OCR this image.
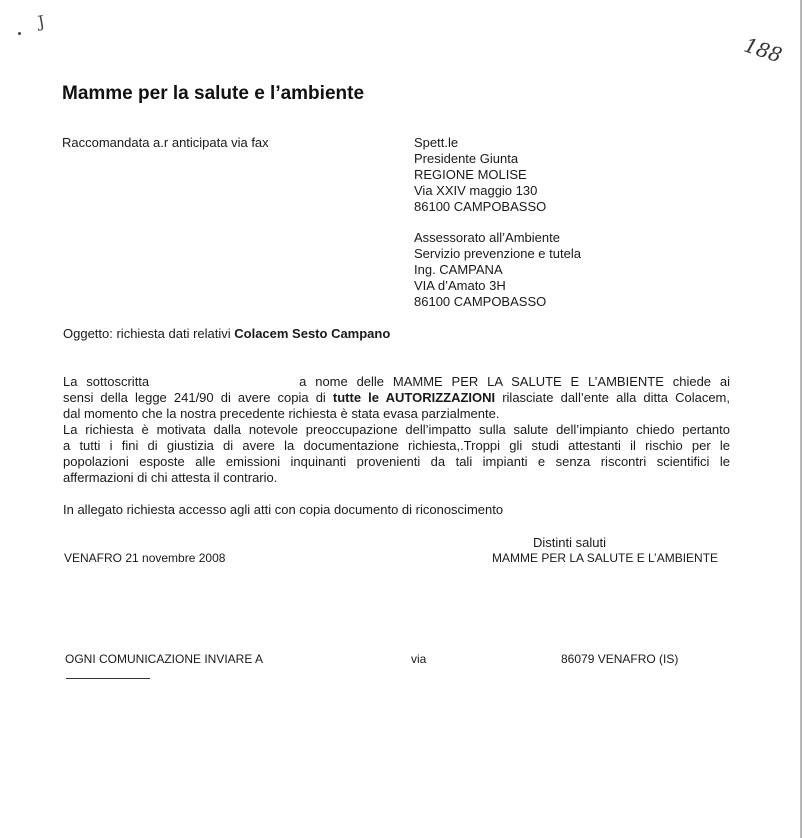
J
188
Mamme per la salute e l’ambiente
Raccomandata a.r anticipata via fax	Spett.le
Presidente Giunta
REGIONE MOLISE
Via XXIV maggio 130
86100 CAMPOBASSO
Assessorato all’Ambiente
Servizio prevenzione e tutela
Ing. CAMPANA
VIA d’Amato 3H
86100 CAMPOBASSO
Oggetto: richiesta dati relativi Colacem Sesto Campano
La sottoscritta	a nome delle MAMME PER LA SALUTE E L’AMBIENTE chiede ai
sensi della legge 241/90 di avere copia di tutte le AUTORIZZAZIONI rilasciate dall’ente alla ditta Colacem,
dal momento che la nostra precedente richiesta è stata evasa parzialmente.
La richiesta è motivata dalla notevole preoccupazione dell’impatto sulla salute dell’impianto chiedo pertanto
a tutti i fini di giustizia di avere la documentazione richiesta,.Troppi gli studi attestanti il rischio per le
popolazioni esposte alle emissioni inquinanti provenienti da tali impianti e senza riscontri scientifici le
affermazioni di chi attesta il contrario.
In allegato richiesta accesso agli atti con copia documento di riconoscimento
Distinti saluti
MAMME PER LA SALUTE E L’AMBIENTE
VENAFRO 21 novembre 2008
OGNI COMUNICAZIONE INVIARE A	via	86079 VENAFRO (IS)
